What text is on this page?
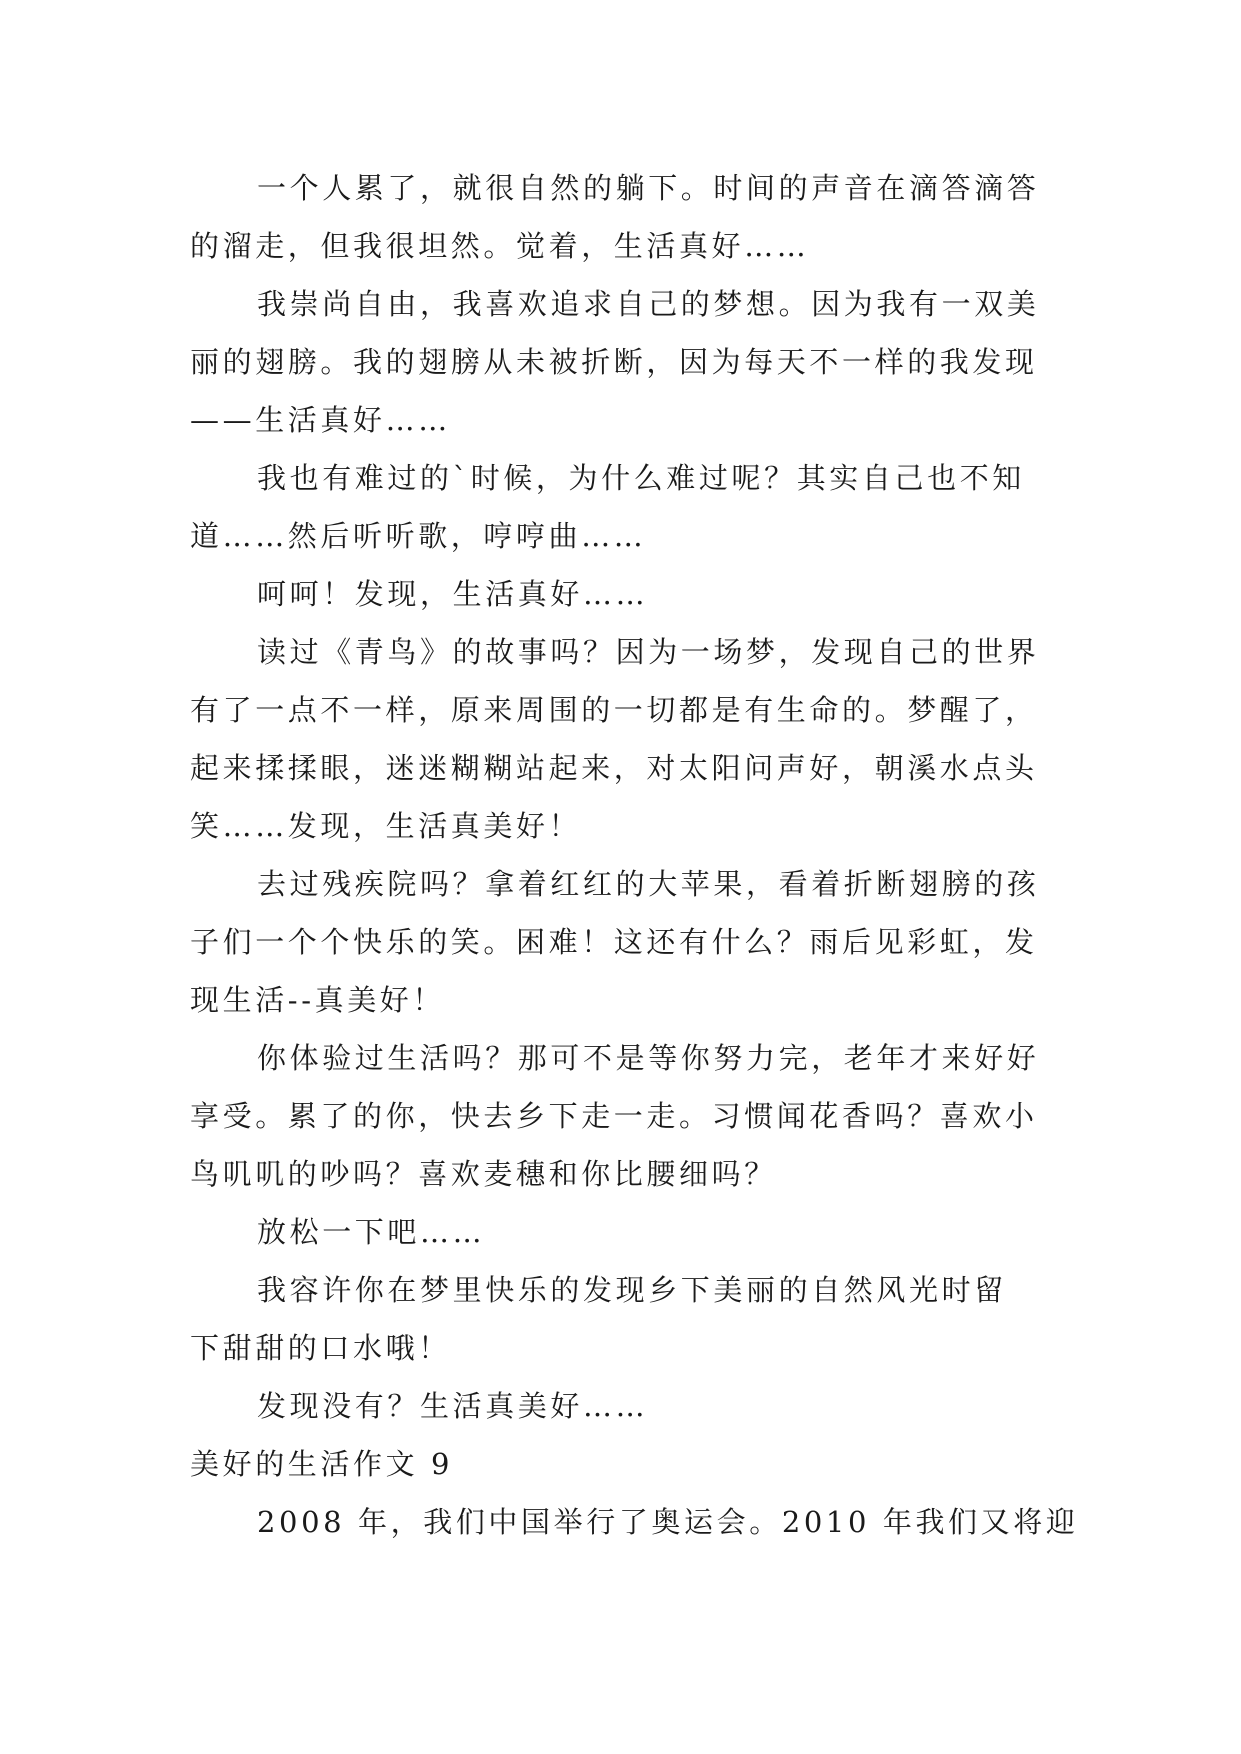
一个人累了，就很自然的躺下。时间的声音在滴答滴答
的溜走，但我很坦然。觉着，生活真好……
我崇尚自由，我喜欢追求自己的梦想。因为我有一双美
丽的翅膀。我的翅膀从未被折断，因为每天不一样的我发现
——生活真好……
我也有难过的`时候，为什么难过呢？其实自己也不知
道……然后听听歌，哼哼曲……
呵呵！发现，生活真好……
读过《青鸟》的故事吗？因为一场梦，发现自己的世界
有了一点不一样，原来周围的一切都是有生命的。梦醒了，
起来揉揉眼，迷迷糊糊站起来，对太阳问声好，朝溪水点头
笑……发现，生活真美好！
去过残疾院吗？拿着红红的大苹果，看着折断翅膀的孩
子们一个个快乐的笑。困难！这还有什么？雨后见彩虹，发
现生活--真美好！
你体验过生活吗？那可不是等你努力完，老年才来好好
享受。累了的你，快去乡下走一走。习惯闻花香吗？喜欢小
鸟叽叽的吵吗？喜欢麦穗和你比腰细吗？
放松一下吧……
我容许你在梦里快乐的发现乡下美丽的自然风光时留
下甜甜的口水哦！
发现没有？生活真美好……
美好的生活作文 9
2008 年，我们中国举行了奥运会。2010 年我们又将迎
